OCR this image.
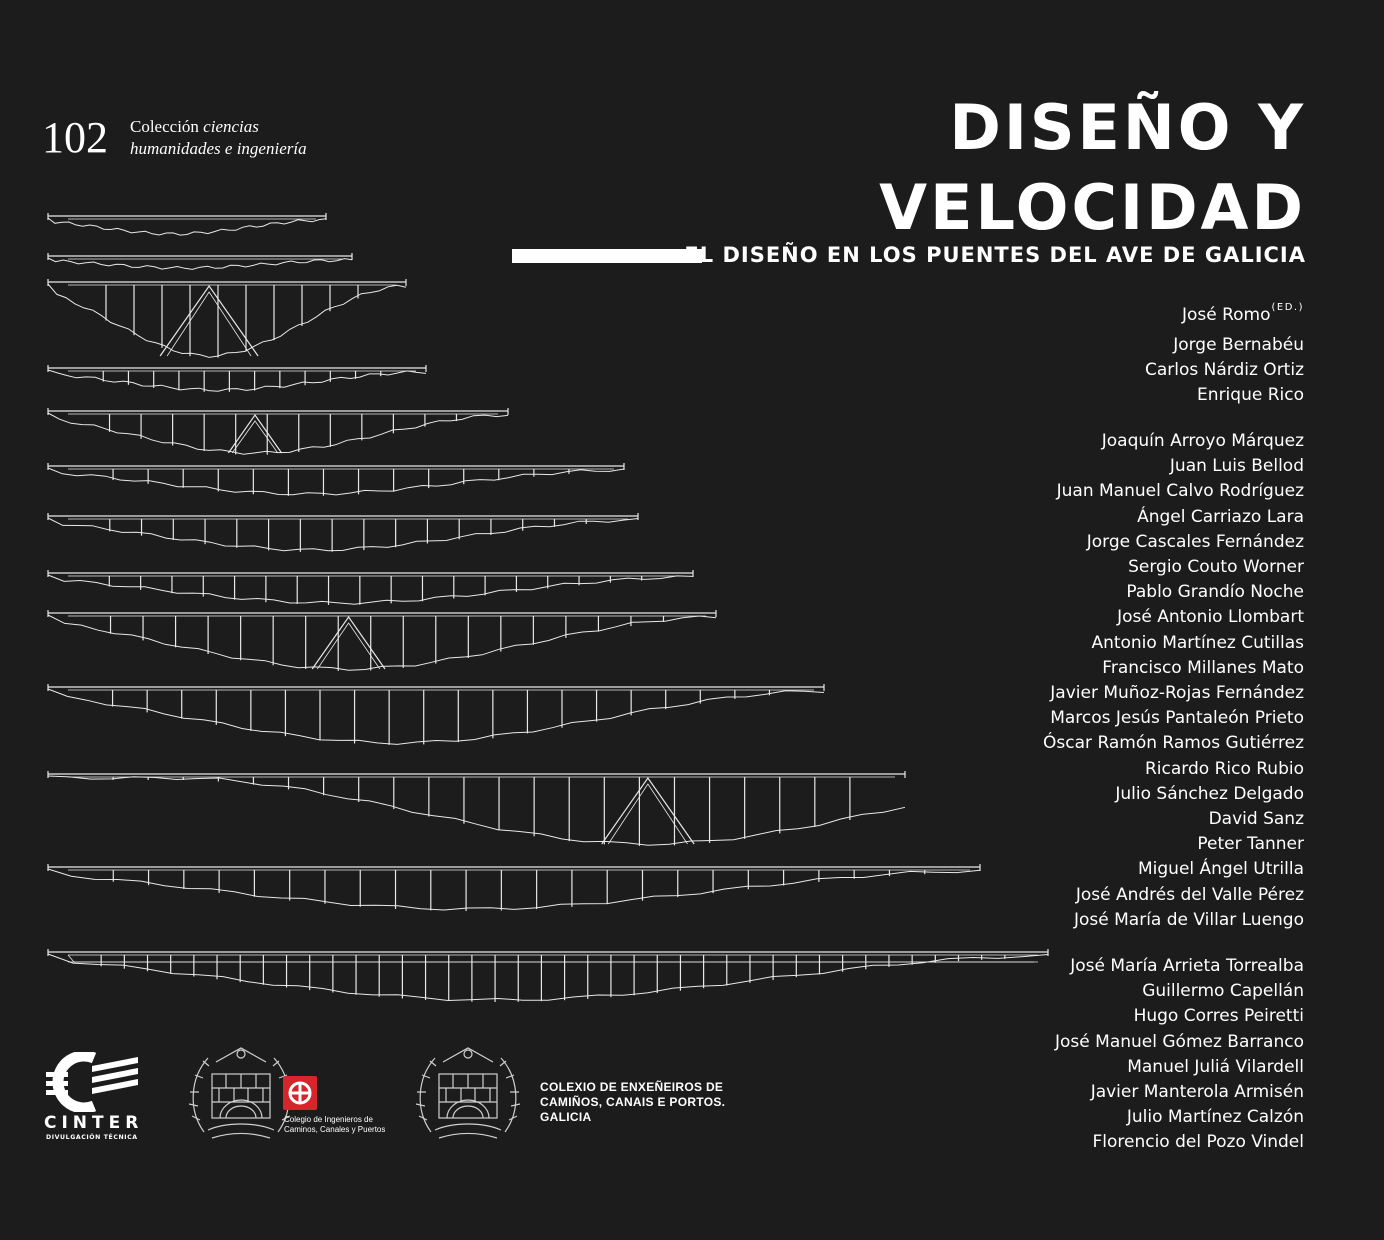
102 Colección ciencias
humanidades e ingeniería	DISEÑO Y
VELOCIDAD
EL DISEÑO EN LOS PUENTES DEL AVE DE GALICIA
José Romo$^{(ED.)}$
Jorge Bernabéu
Carlos Nárdiz Ortiz
Enrique Rico
Joaquín Arroyo Márquez
Juan Luis Bellod
Juan Manuel Calvo Rodríguez
Ángel Carriazo Lara
Jorge Cascales Fernández
Sergio Couto Worner
Pablo Grandío Noche
José Antonio Llombart
Antonio Martínez Cutillas
Francisco Millanes Mato
Javier Muñoz-Rojas Fernández
Marcos Jesús Pantaleón Prieto
Óscar Ramón Ramos Gutiérrez
Ricardo Rico Rubio
Julio Sánchez Delgado
David Sanz
Peter Tanner
Miguel Ángel Utrilla
José Andrés del Valle Pérez
José María de Villar Luengo
José María Arrieta Torrealba
Guillermo Capellán
Hugo Corres Peiretti
José Manuel Gómez Barranco
Manuel Juliá Vilardell
Javier Manterola Armisén
Julio Martínez Calzón
Florencio del Pozo Vindel
CINTER
DIVULGACIÓN TÉCNICA
Colegio de Ingenieros de
Caminos, Canales y Puertos
COLEXIO DE ENXEÑEIROS DE
CAMIÑOS, CANAIS E PORTOS.
GALICIA
